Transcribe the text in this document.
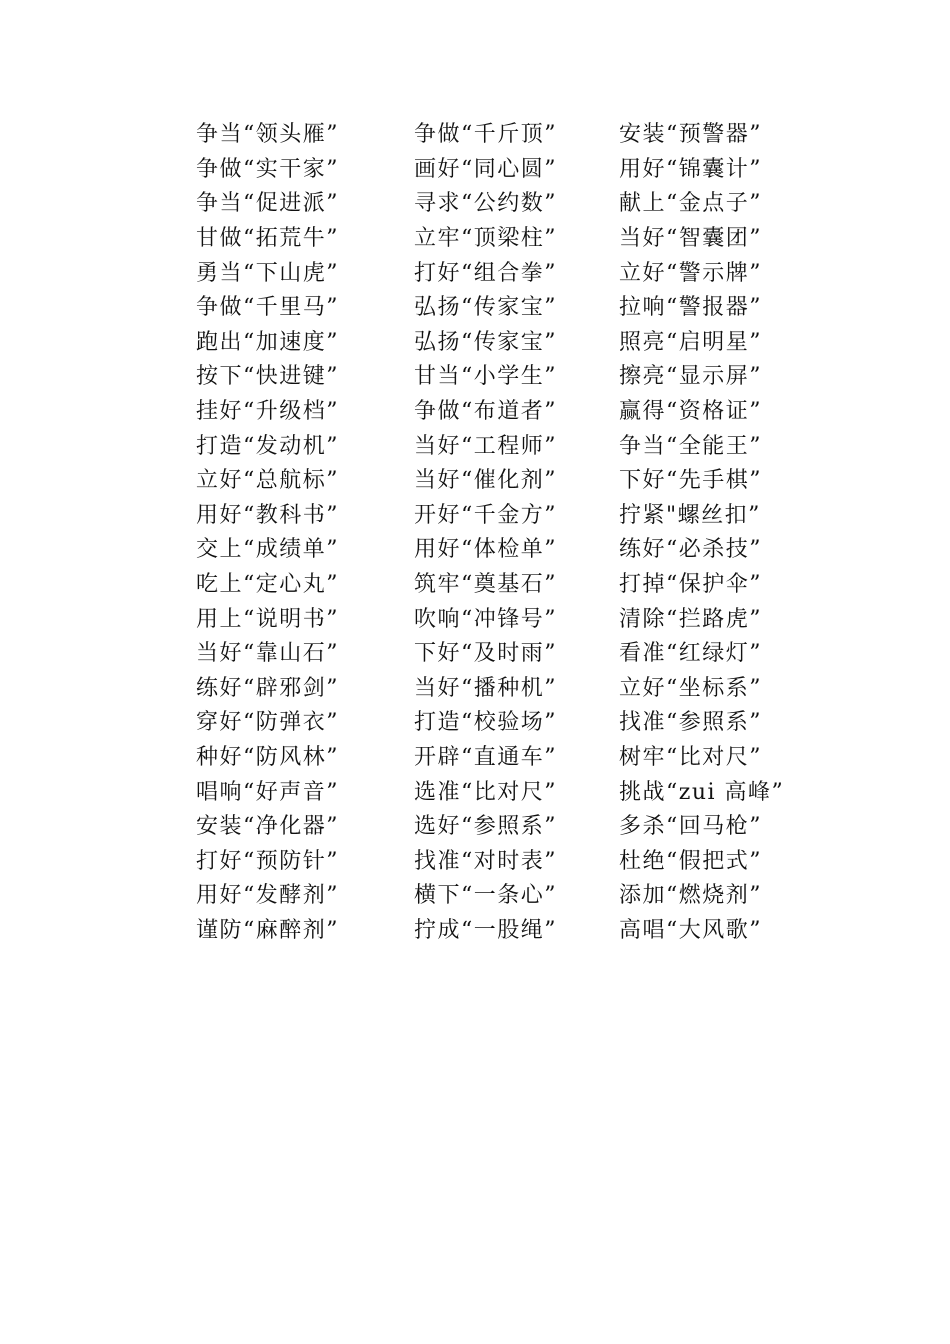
争当“领头雁”	争做“千斤顶”	安装“预警器”
争做“实干家”	画好“同心圆”	用好“锦囊计”
争当“促进派”	寻求“公约数”	献上“金点子”
甘做“拓荒牛”	立牢“顶梁柱”	当好“智囊团”
勇当“下山虎”	打好“组合拳”	立好“警示牌”
争做“千里马”	弘扬“传家宝”	拉响“警报器”
跑出“加速度”	弘扬“传家宝”	照亮“启明星”
按下“快进键”	甘当“小学生”	擦亮“显示屏”
挂好“升级档”	争做“布道者”	赢得“资格证”
打造“发动机”	当好“工程师”	争当“全能王”
立好“总航标”	当好“催化剂”	下好“先手棋”
用好“教科书”	开好“千金方”	拧紧"螺丝扣”
交上“成绩单”	用好“体检单”	练好“必杀技”
吃上“定心丸”	筑牢“奠基石”	打掉“保护伞”
用上“说明书”	吹响“冲锋号”	清除“拦路虎”
当好“靠山石”	下好“及时雨”	看准“红绿灯”
练好“辟邪剑”	当好“播种机”	立好“坐标系”
穿好“防弹衣”	打造“校验场”	找准“参照系”
种好“防风林”	开辟“直通车”	树牢“比对尺”
唱响“好声音”	选准“比对尺”	挑战“zui 高峰”
安装“净化器”	选好“参照系”	多杀“回马枪”
打好“预防针”	找准“对时表”	杜绝“假把式”
用好“发酵剂”	横下“一条心”	添加“燃烧剂”
谨防“麻醉剂”	拧成“一股绳”	高唱“大风歌”
